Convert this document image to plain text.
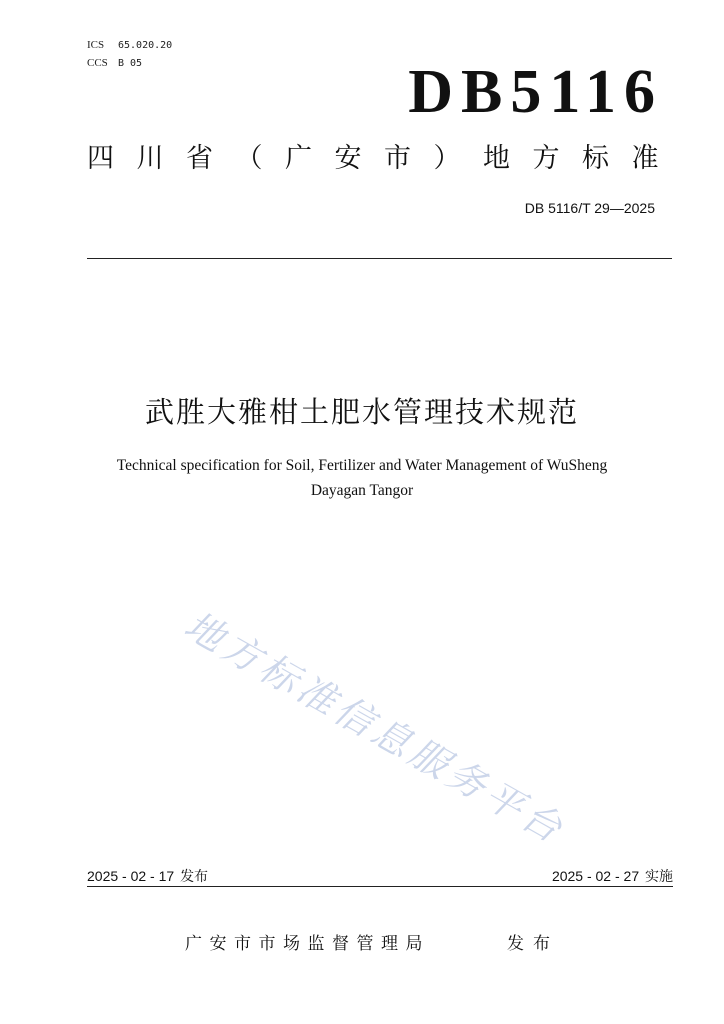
ICS 65.020.20
CCS B 05	DB5116
四川省（广安市）地方标准
DB 5116/T 29—2025
武胜大雅柑土肥水管理技术规范
Technical specification for Soil, Fertilizer and Water Management of WuSheng
Dayagan Tangor
地方标准信息服务平台
2025 - 02 - 17 发布	2025 - 02 - 27 实施
广安市市场监督管理局	发布
